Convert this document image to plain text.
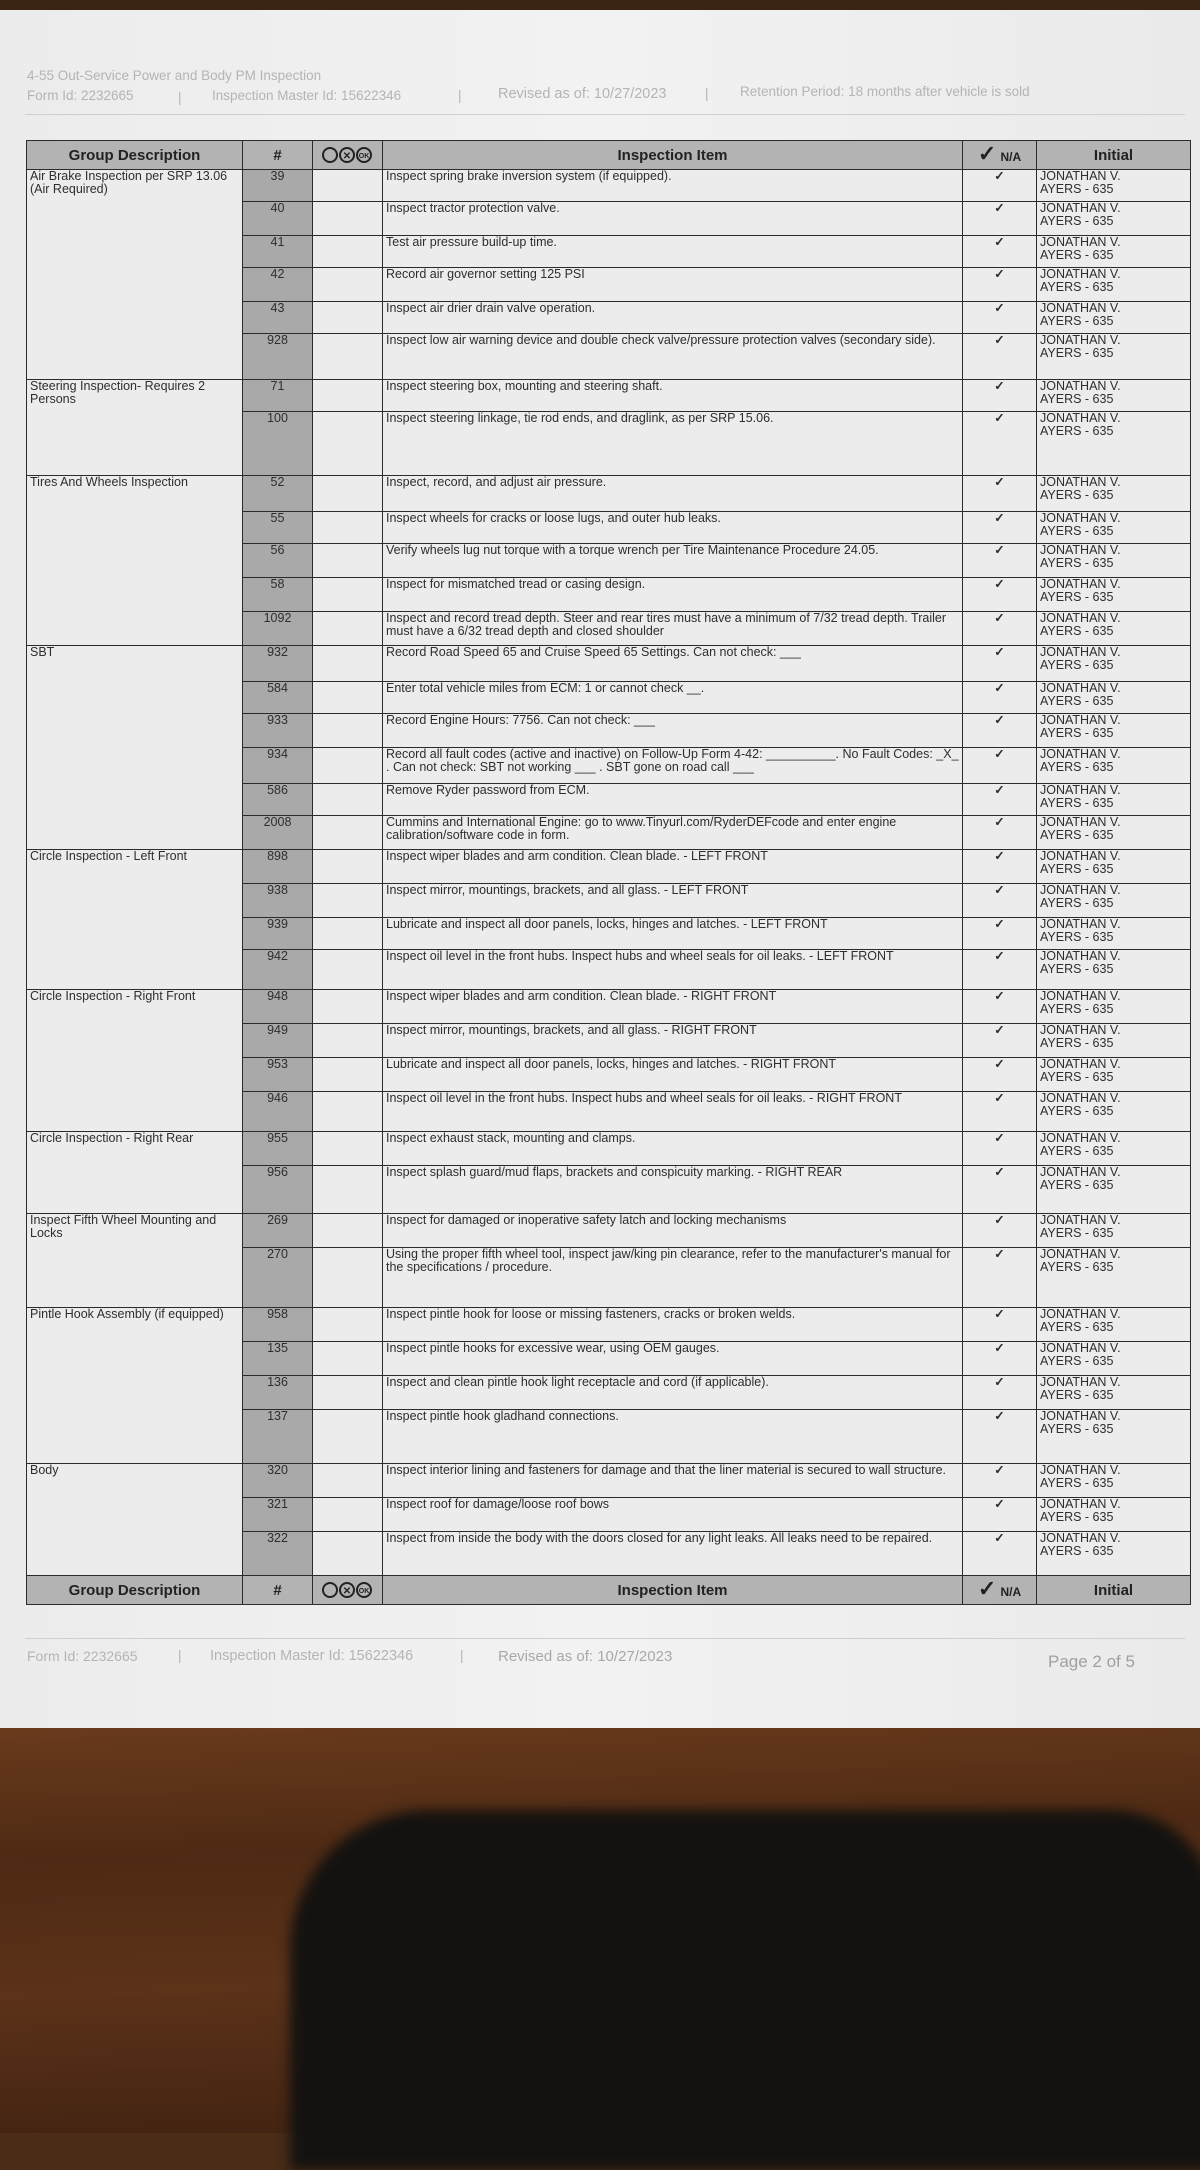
4-55 Out-Service Power and Body PM Inspection
Form Id: 2232665	| Inspection Master Id: 15622346	|	Revised as of: 10/27/2023	| Retention Period: 18 months after vehicle is sold
Group Description	#	✕ OK	Inspection Item	✓ N/A	Initial
Air Brake Inspection per SRP 13.06 (Air Required)	39		Inspect spring brake inversion system (if equipped).	✓	JONATHAN V.
AYERS - 635

	40		Inspect tractor protection valve.	✓	JONATHAN V.
AYERS - 635

	41		Test air pressure build-up time.	✓	JONATHAN V.
AYERS - 635

	42		Record air governor setting 125 PSI	✓	JONATHAN V.
AYERS - 635

	43		Inspect air drier drain valve operation.	✓	JONATHAN V.
AYERS - 635

	928		Inspect low air warning device and double check valve/pressure protection valves (secondary side).	✓	JONATHAN V.
AYERS - 635

Steering Inspection- Requires 2 Persons	71		Inspect steering box, mounting and steering shaft.	✓	JONATHAN V.
AYERS - 635

	100		Inspect steering linkage, tie rod ends, and draglink, as per SRP 15.06.	✓	JONATHAN V.
AYERS - 635

Tires And Wheels Inspection	52		Inspect, record, and adjust air pressure.	✓	JONATHAN V.
AYERS - 635

	55		Inspect wheels for cracks or loose lugs, and outer hub leaks.	✓	JONATHAN V.
AYERS - 635

	56		Verify wheels lug nut torque with a torque wrench per Tire Maintenance Procedure 24.05.	✓	JONATHAN V.
AYERS - 635

	58		Inspect for mismatched tread or casing design.	✓	JONATHAN V.
AYERS - 635

	1092		Inspect and record tread depth. Steer and rear tires must have a minimum of 7/32 tread depth. Trailer must have a 6/32 tread depth and closed shoulder	✓	JONATHAN V.
AYERS - 635

SBT	932		Record Road Speed 65 and Cruise Speed 65 Settings. Can not check: ___	✓	JONATHAN V.
AYERS - 635

	584		Enter total vehicle miles from ECM: 1 or cannot check __.	✓	JONATHAN V.
AYERS - 635

	933		Record Engine Hours: 7756. Can not check: ___	✓	JONATHAN V.
AYERS - 635

	934		Record all fault codes (active and inactive) on Follow-Up Form 4-42: __________. No Fault Codes: _X_ . Can not check: SBT not working ___ . SBT gone on road call ___	✓	JONATHAN V.
AYERS - 635

	586		Remove Ryder password from ECM.	✓	JONATHAN V.
AYERS - 635

	2008		Cummins and International Engine: go to www.Tinyurl.com/RyderDEFcode and enter engine calibration/software code in form.	✓	JONATHAN V.
AYERS - 635

Circle Inspection - Left Front	898		Inspect wiper blades and arm condition. Clean blade. - LEFT FRONT	✓	JONATHAN V.
AYERS - 635

	938		Inspect mirror, mountings, brackets, and all glass. - LEFT FRONT	✓	JONATHAN V.
AYERS - 635

	939		Lubricate and inspect all door panels, locks, hinges and latches. - LEFT FRONT	✓	JONATHAN V.
AYERS - 635

	942		Inspect oil level in the front hubs. Inspect hubs and wheel seals for oil leaks. - LEFT FRONT	✓	JONATHAN V.
AYERS - 635

Circle Inspection - Right Front	948		Inspect wiper blades and arm condition. Clean blade. - RIGHT FRONT	✓	JONATHAN V.
AYERS - 635

	949		Inspect mirror, mountings, brackets, and all glass. - RIGHT FRONT	✓	JONATHAN V.
AYERS - 635

	953		Lubricate and inspect all door panels, locks, hinges and latches. - RIGHT FRONT	✓	JONATHAN V.
AYERS - 635

	946		Inspect oil level in the front hubs. Inspect hubs and wheel seals for oil leaks. - RIGHT FRONT	✓	JONATHAN V.
AYERS - 635

Circle Inspection - Right Rear	955		Inspect exhaust stack, mounting and clamps.	✓	JONATHAN V.
AYERS - 635

	956		Inspect splash guard/mud flaps, brackets and conspicuity marking. - RIGHT REAR	✓	JONATHAN V.
AYERS - 635

Inspect Fifth Wheel Mounting and Locks	269		Inspect for damaged or inoperative safety latch and locking mechanisms	✓	JONATHAN V.
AYERS - 635

	270		Using the proper fifth wheel tool, inspect jaw/king pin clearance, refer to the manufacturer's manual for the specifications / procedure.	✓	JONATHAN V.
AYERS - 635

Pintle Hook Assembly (if equipped)	958		Inspect pintle hook for loose or missing fasteners, cracks or broken welds.	✓	JONATHAN V.
AYERS - 635

	135		Inspect pintle hooks for excessive wear, using OEM gauges.	✓	JONATHAN V.
AYERS - 635

	136		Inspect and clean pintle hook light receptacle and cord (if applicable).	✓	JONATHAN V.
AYERS - 635

	137		Inspect pintle hook gladhand connections.	✓	JONATHAN V.
AYERS - 635

Body	320		Inspect interior lining and fasteners for damage and that the liner material is secured to wall structure.	✓	JONATHAN V.
AYERS - 635

	321		Inspect roof for damage/loose roof bows	✓	JONATHAN V.
AYERS - 635

	322		Inspect from inside the body with the doors closed for any light leaks. All leaks need to be repaired.	✓	JONATHAN V.
AYERS - 635

Group Description	#	✕ OK	Inspection Item	✓ N/A	Initial
Form Id: 2232665	| Inspection Master Id: 15622346	| Revised as of: 10/27/2023	Page 2 of 5
